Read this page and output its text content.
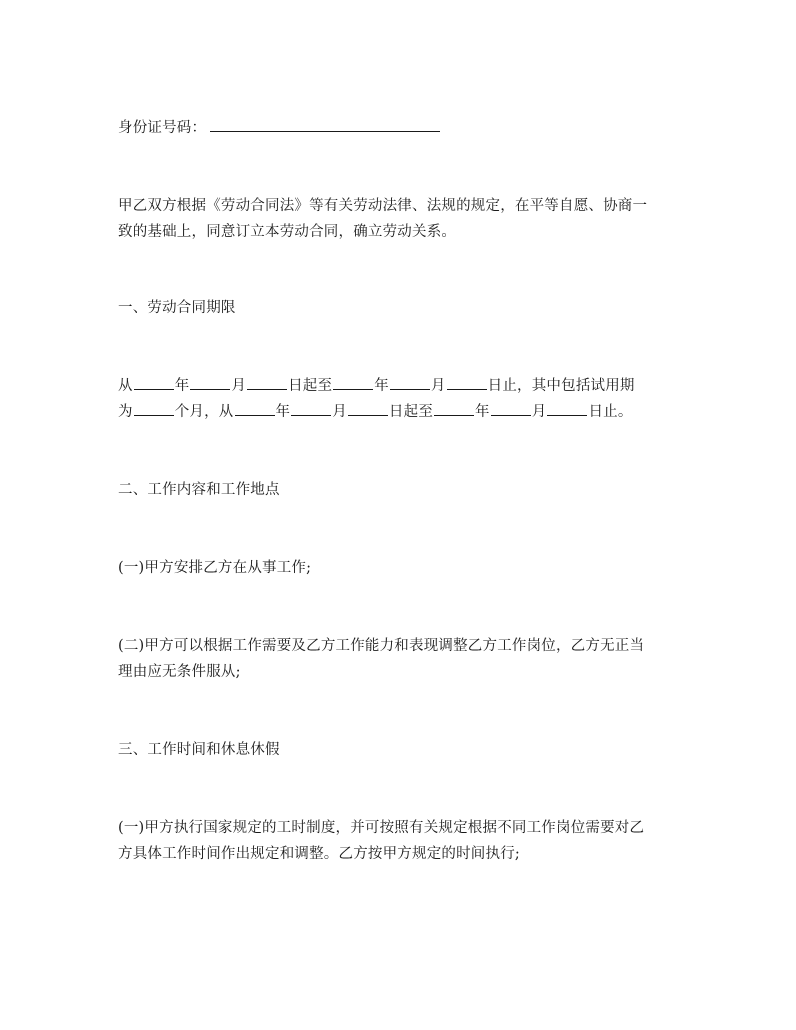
身份证号码：
甲乙双方根据《劳动合同法》等有关劳动法律、法规的规定，在平等自愿、协商一
致的基础上，同意订立本劳动合同，确立劳动关系。
一、劳动合同期限
从	年	月	日起至	年	月	日止，其中包括试用期
为	个月，从	年	月	日起至	年	月	日止。
二、工作内容和工作地点
(一)甲方安排乙方在从事工作;
(二)甲方可以根据工作需要及乙方工作能力和表现调整乙方工作岗位，乙方无正当
理由应无条件服从;
三、工作时间和休息休假
(一)甲方执行国家规定的工时制度，并可按照有关规定根据不同工作岗位需要对乙
方具体工作时间作出规定和调整。乙方按甲方规定的时间执行;
